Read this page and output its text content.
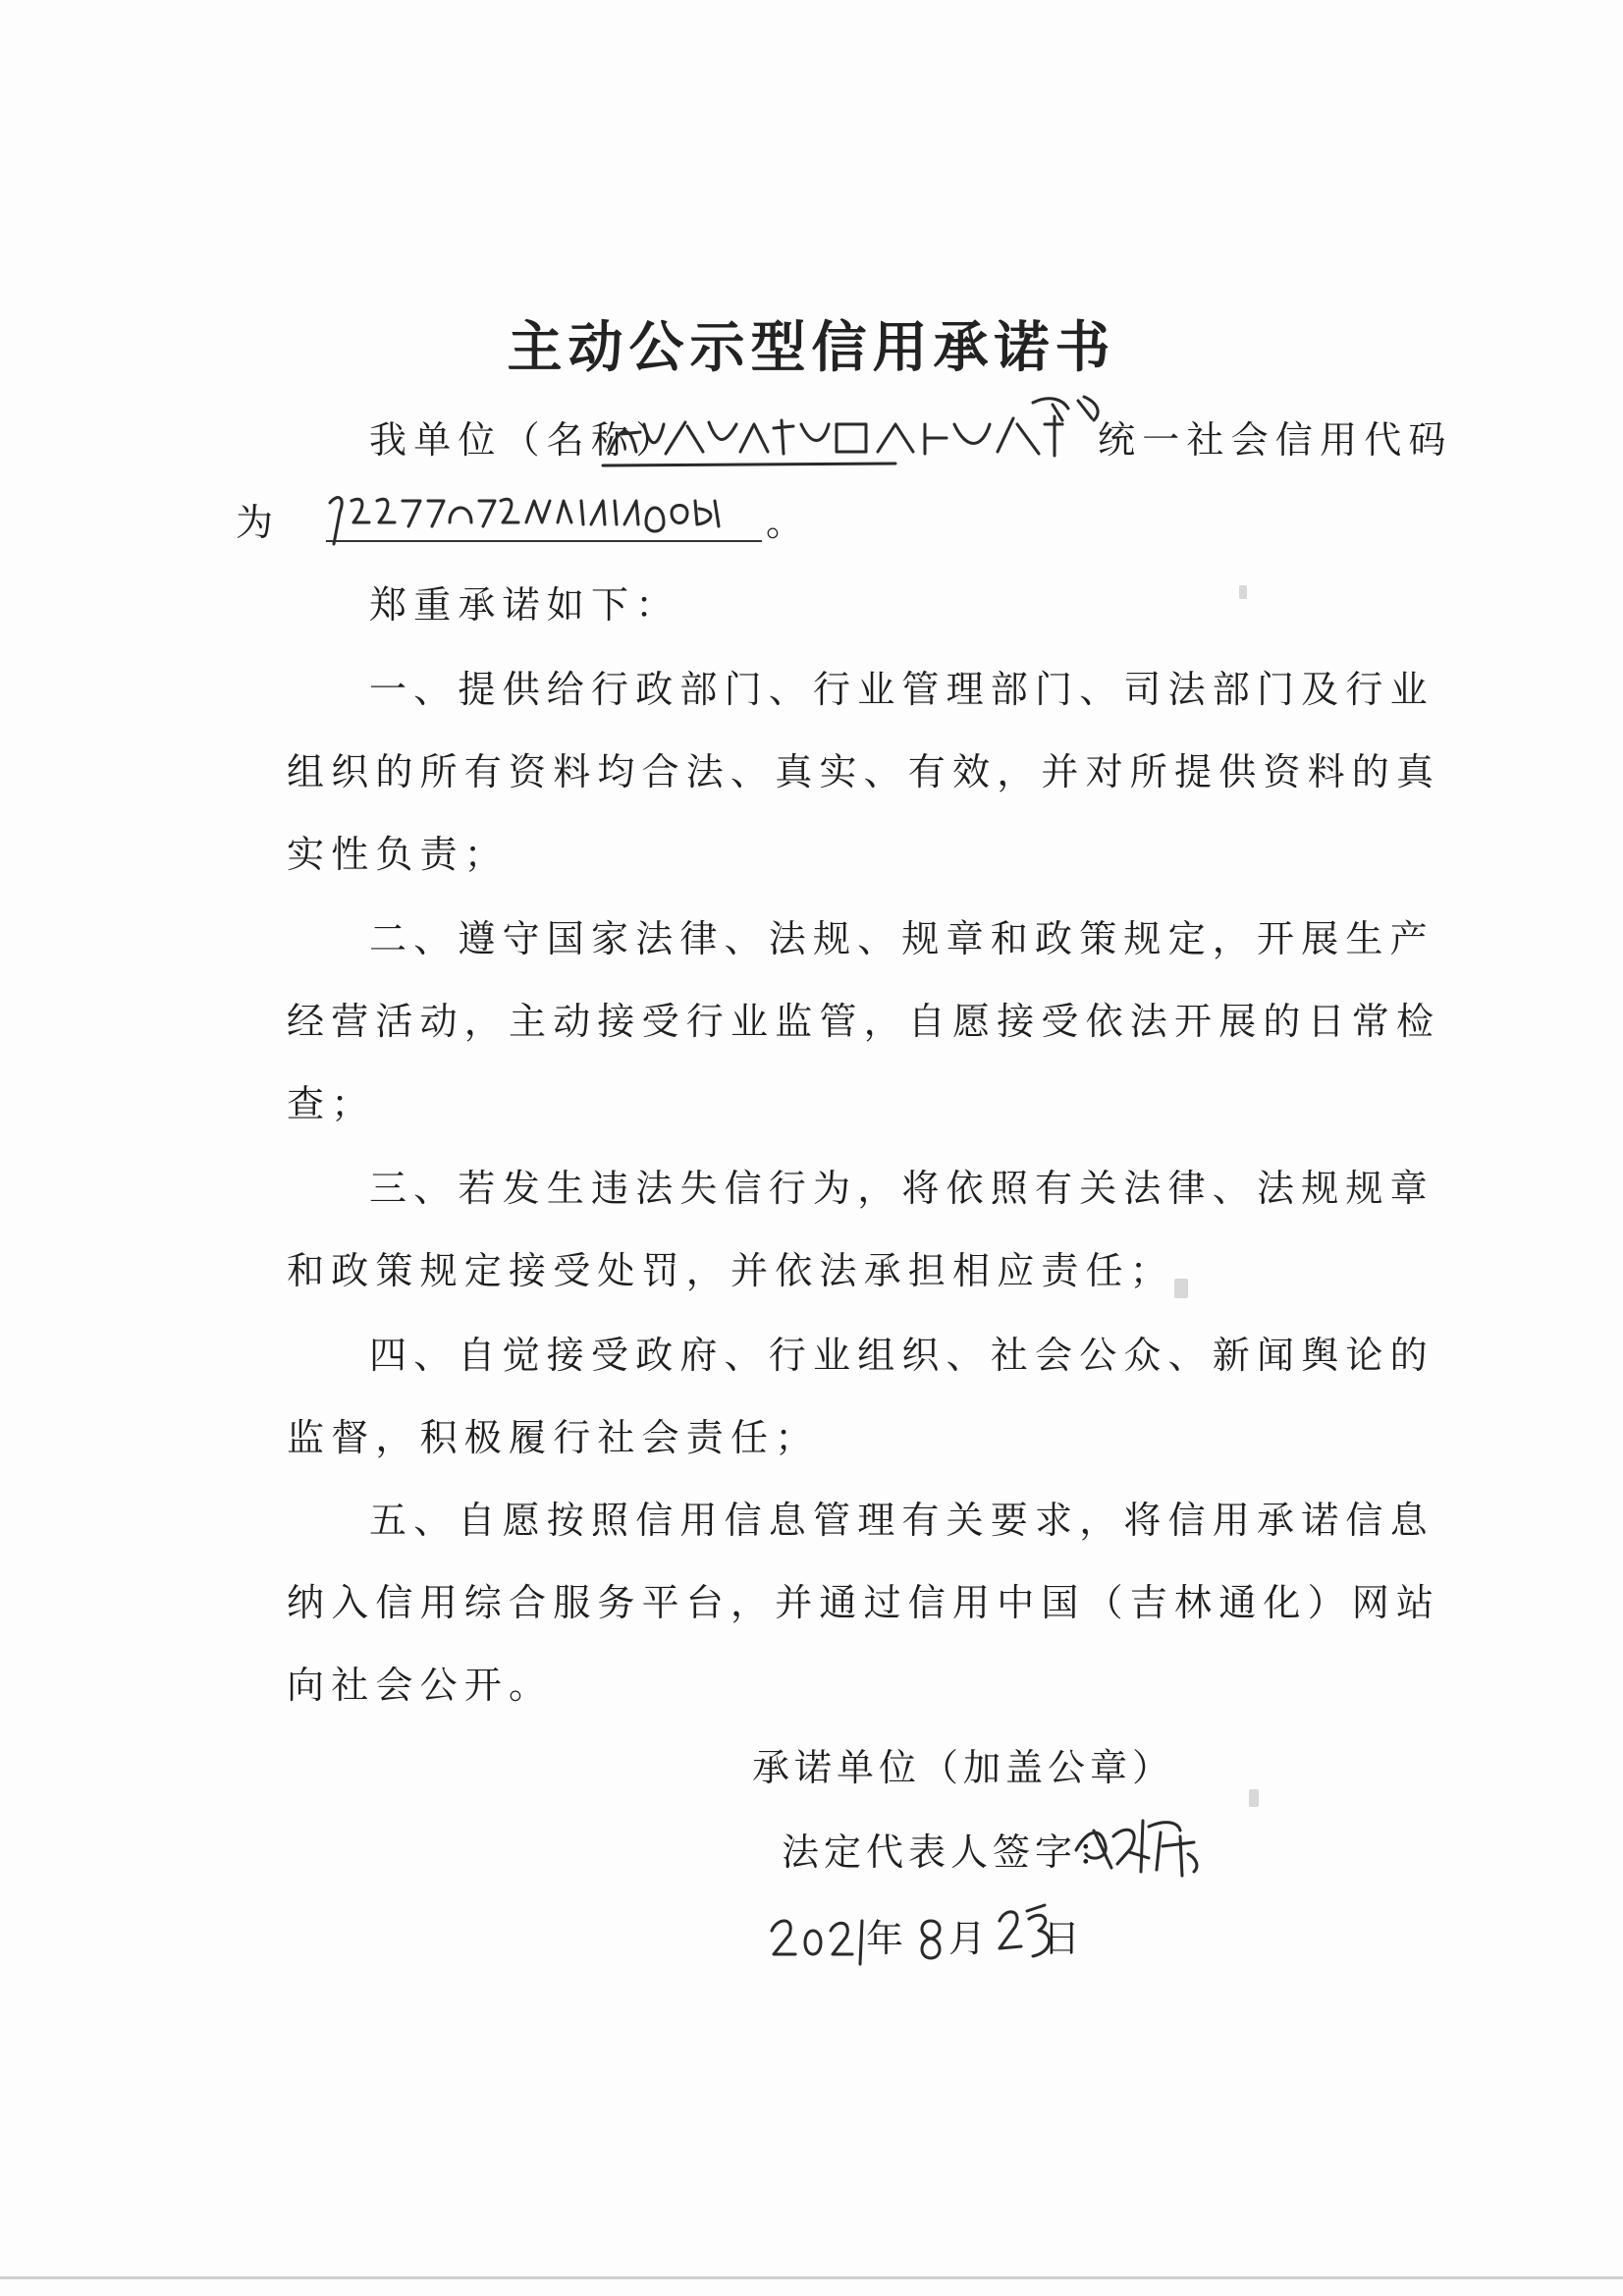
主动公示型信用承诺书
我单位（名称）	统一社会信用代码
为	。
郑重承诺如下：
一、提供给行政部门、行业管理部门、司法部门及行业
组织的所有资料均合法、真实、有效，并对所提供资料的真
实性负责；
二、遵守国家法律、法规、规章和政策规定，开展生产
经营活动，主动接受行业监管，自愿接受依法开展的日常检
查；
三、若发生违法失信行为，将依照有关法律、法规规章
和政策规定接受处罚，并依法承担相应责任；
四、自觉接受政府、行业组织、社会公众、新闻舆论的
监督，积极履行社会责任；
五、自愿按照信用信息管理有关要求，将信用承诺信息
纳入信用综合服务平台，并通过信用中国（吉林通化）网站
向社会公开。
承诺单位（加盖公章）
法定代表人签字：
年 月 日
